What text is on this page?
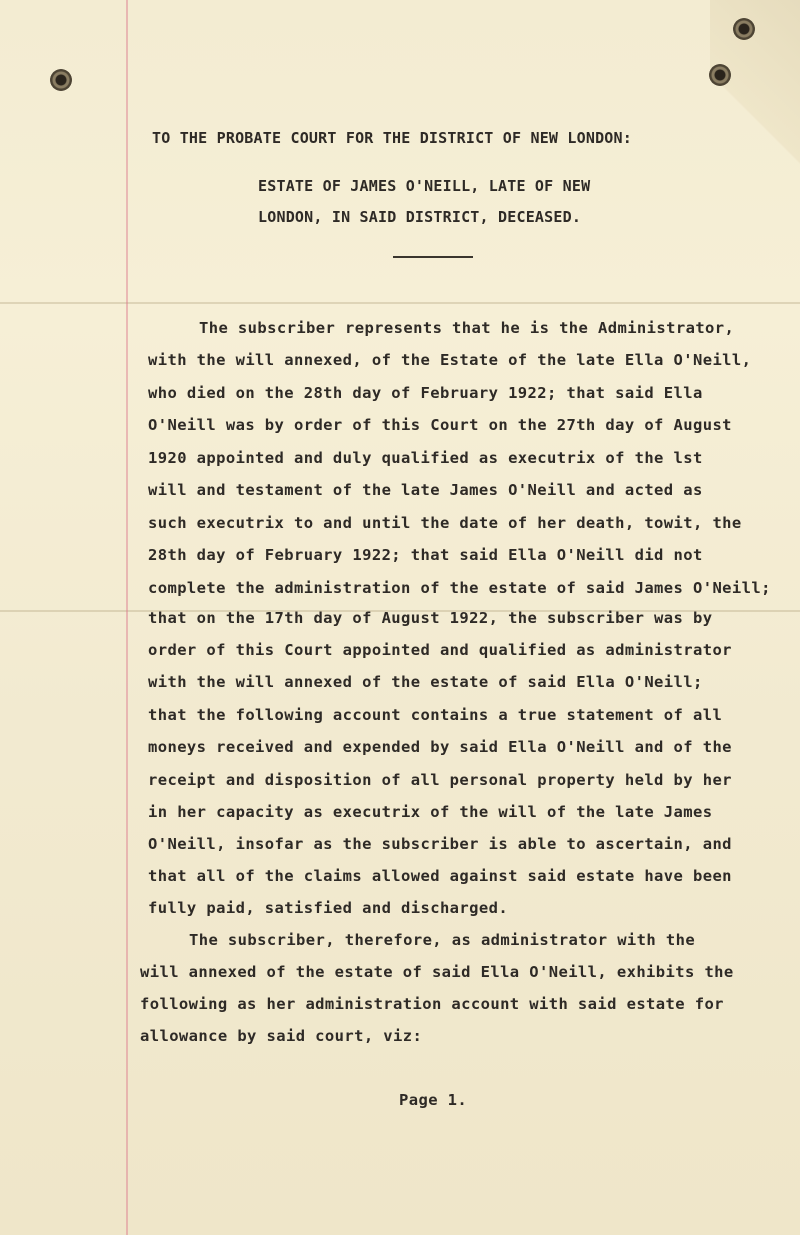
TO THE PROBATE COURT FOR THE DISTRICT OF NEW LONDON:
ESTATE OF JAMES O'NEILL, LATE OF NEW
LONDON, IN SAID DISTRICT, DECEASED.
The subscriber represents that he is the Administrator,
with the will annexed, of the Estate of the late Ella O'Neill,
who died on the 28th day of February 1922; that said Ella
O'Neill was by order of this Court on the 27th day of August
1920 appointed and duly qualified as executrix of the lst
will and testament of the late James O'Neill and acted as
such executrix to and until the date of her death, towit, the
28th day of February 1922; that said Ella O'Neill did not
complete the administration of the estate of said James O'Neill;
that on the 17th day of August 1922, the subscriber was by
order of this Court appointed and qualified as administrator
with the will annexed of the estate of said Ella O'Neill;
that the following account contains a true statement of all
moneys received and expended by said Ella O'Neill and of the
receipt and disposition of all personal property held by her
in her capacity as executrix of the will of the late James
O'Neill, insofar as the subscriber is able to ascertain, and
that all of the claims allowed against said estate have been
fully paid, satisfied and discharged.
The subscriber, therefore, as administrator with the
will annexed of the estate of said Ella O'Neill, exhibits the
following as her administration account with said estate for
allowance by said court, viz:
Page 1.
